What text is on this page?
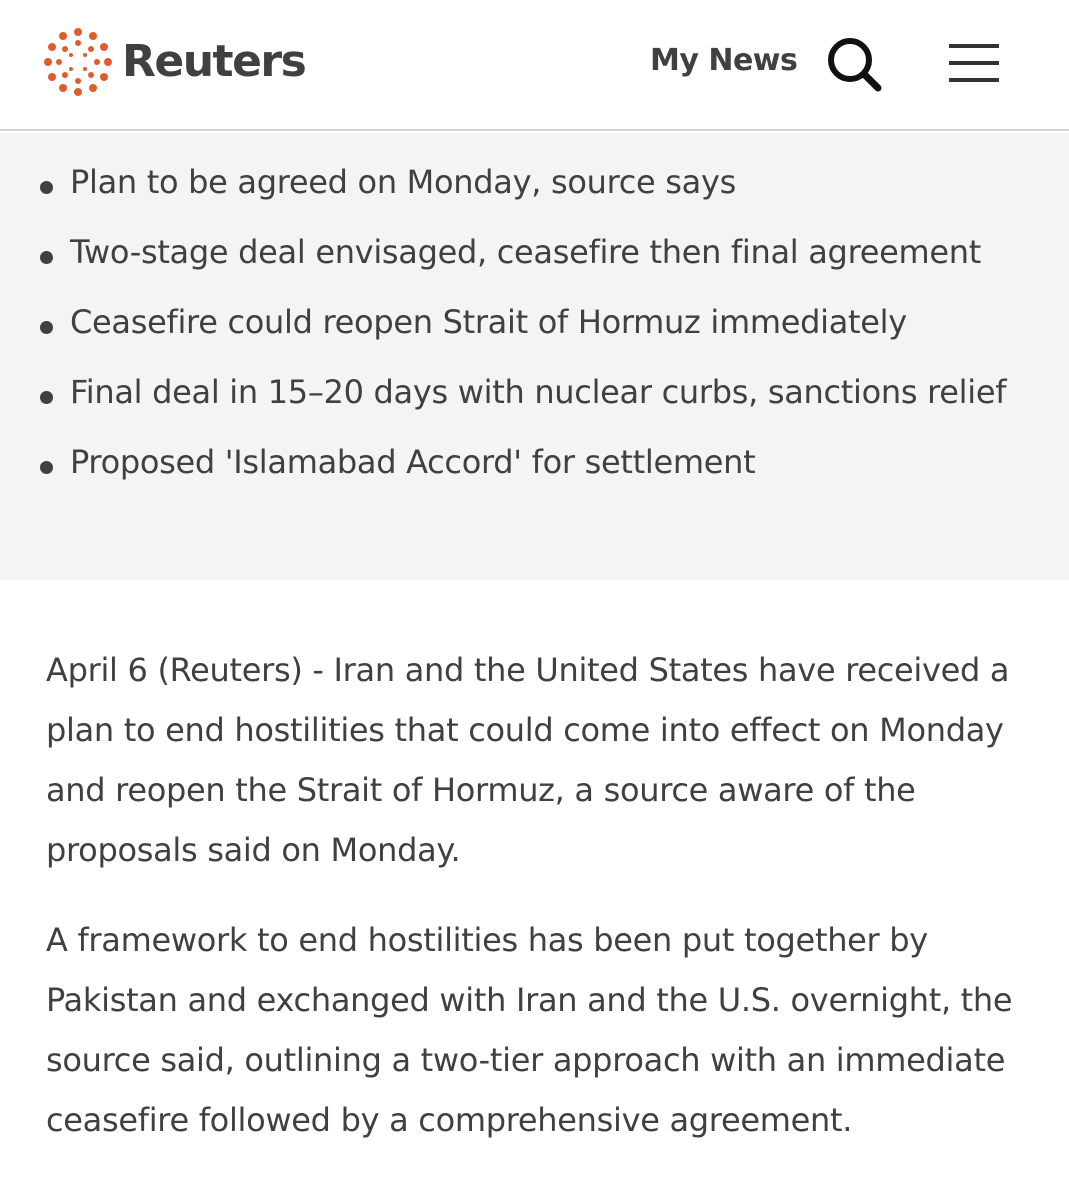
Reuters	My News
Plan to be agreed on Monday, source says
Two-stage deal envisaged, ceasefire then final agreement
Ceasefire could reopen Strait of Hormuz immediately
Final deal in 15–20 days with nuclear curbs, sanctions relief
Proposed 'Islamabad Accord' for settlement

April 6 (Reuters) - Iran and the United States have received a plan to end hostilities that could come into effect on Monday and reopen the Strait of Hormuz, a source aware of the proposals said on Monday.

A framework to end hostilities has been put together by Pakistan and exchanged with Iran and the U.S. overnight, the source said, outlining a two-tier approach with an immediate ceasefire followed by a comprehensive agreement.
